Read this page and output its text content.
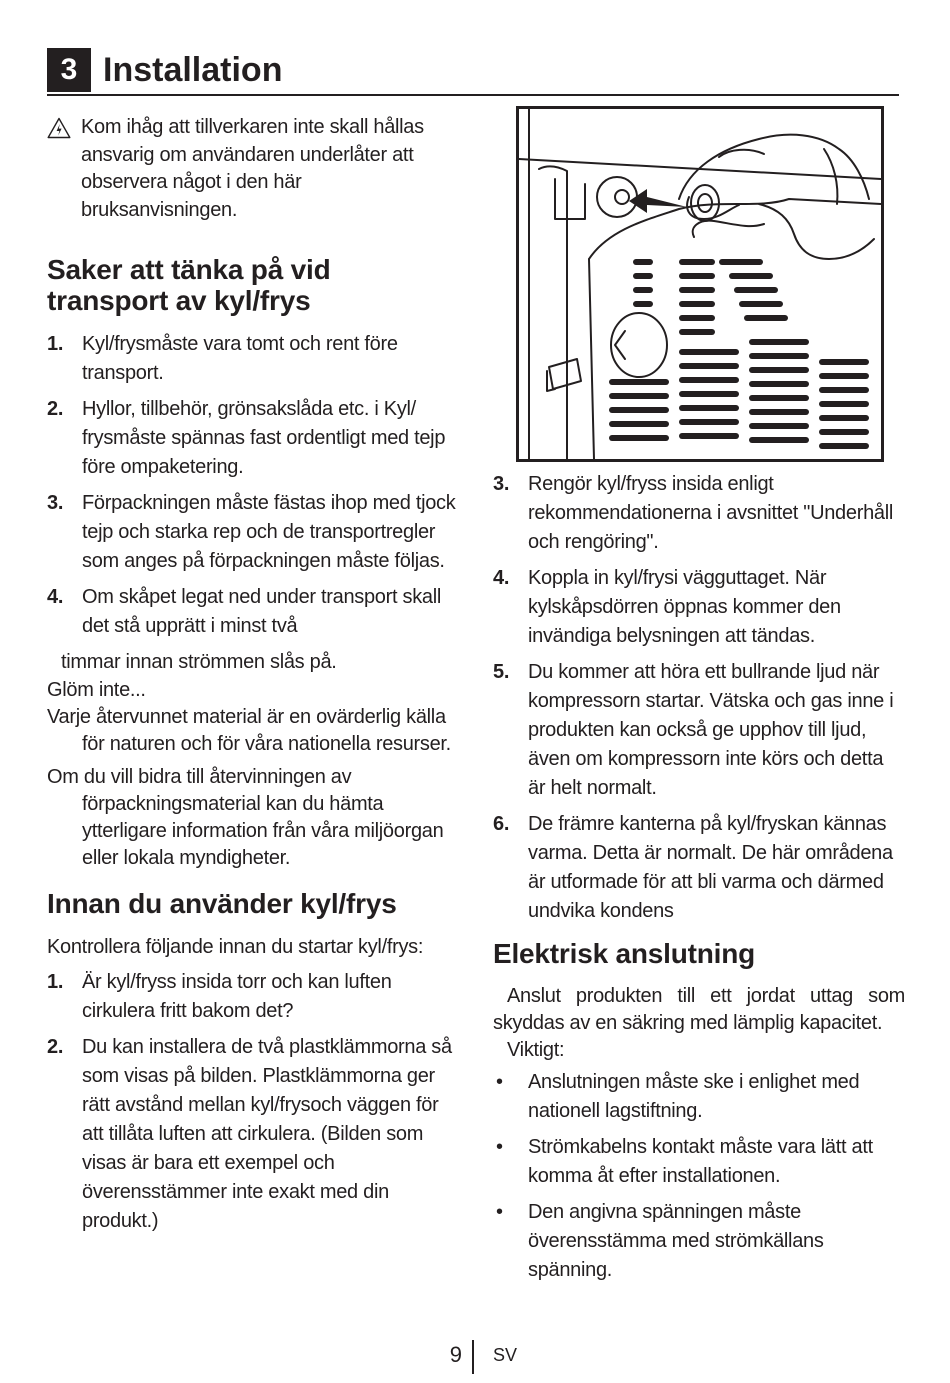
3 Installation

Kom ihåg att tillverkaren inte skall hållas ansvarig om användaren underlåter att observera något i den här bruksanvisningen.

Saker att tänka på vid
transport av kyl/frys
1. Kyl/frysmåste vara tomt och rent före transport.
2. Hyllor, tillbehör, grönsakslåda etc. i Kyl/ frysmåste spännas fast ordentligt med tejp före ompaketering.
3. Förpackningen måste fästas ihop med tjock tejp och starka rep och de transportregler som anges på förpackningen måste följas.
4. Om skåpet legat ned under transport skall det stå upprätt i minst två

timmar innan strömmen slås på.

Glöm inte...

Varje återvunnet material är en ovärderlig källa för naturen och för våra nationella resurser.

Om du vill bidra till återvinningen av förpackningsmaterial kan du hämta ytterligare information från våra miljöorgan eller lokala myndigheter.

Innan du använder kyl/frys

Kontrollera följande innan du startar kyl/frys:

1. Är kyl/fryss insida torr och kan luften cirkulera fritt bakom det?
2. Du kan installera de två plastklämmorna så som visas på bilden. Plastklämmorna ger rätt avstånd mellan kyl/frysoch väggen för att tillåta luften att cirkulera. (Bilden som visas är bara ett exempel och överensstämmer inte exakt med din produkt.)
3. Rengör kyl/fryss insida enligt rekommendationerna i avsnittet "Underhåll och rengöring".
4. Koppla in kyl/frysi vägguttaget. När kylskåpsdörren öppnas kommer den invändiga belysningen att tändas.
5. Du kommer att höra ett bullrande ljud när kompressorn startar. Vätska och gas inne i produkten kan också ge upphov till ljud, även om kompressorn inte körs och detta är helt normalt.
6. De främre kanterna på kyl/fryskan kännas varma. Detta är normalt. De här områdena är utformade för att bli varma och därmed undvika kondens
Elektrisk anslutning

Anslut produkten till ett jordat uttag som skyddas av en säkring med lämplig kapacitet.

Viktigt:

• Anslutningen måste ske i enlighet med nationell lagstiftning.
• Strömkabelns kontakt måste vara lätt att komma åt efter installationen.
• Den angivna spänningen måste överensstämma med strömkällans spänning.
9 SV
